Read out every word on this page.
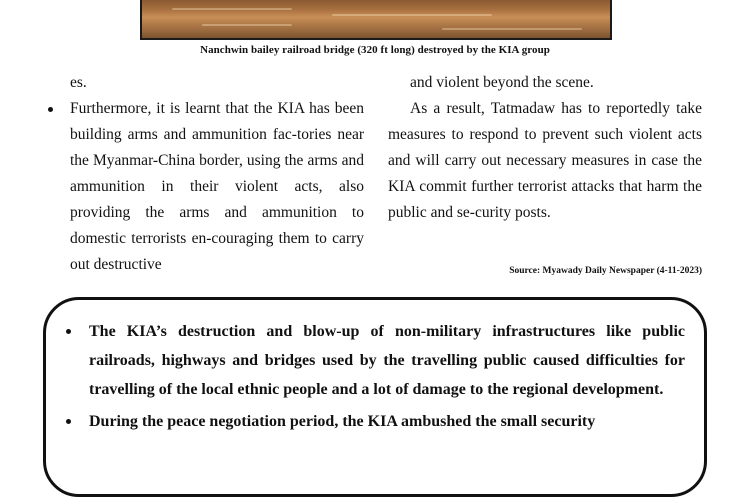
Nanchwin bailey railroad bridge (320 ft long) destroyed by the KIA group

es.

Furthermore, it is learnt that the KIA has been building arms and ammunition fac-tories near the Myanmar-China border, using the arms and ammunition in their violent acts, also providing the arms and ammunition to domestic terrorists en-couraging them to carry out destructive

and violent beyond the scene.

As a result, Tatmadaw has to reportedly take measures to respond to prevent such violent acts and will carry out necessary measures in case the KIA commit further terrorist attacks that harm the public and se-curity posts.

Source: Myawady Daily Newspaper (4-11-2023)
The KIA’s destruction and blow-up of non-military infrastructures like public railroads, highways and bridges used by the travelling public caused difficulties for travelling of the local ethnic people and a lot of damage to the regional development.
During the peace negotiation period, the KIA ambushed the small security
